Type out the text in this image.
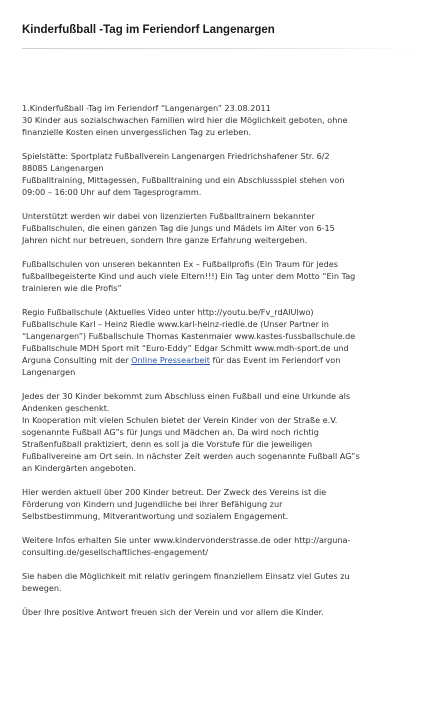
Kinderfußball -Tag im Feriendorf Langenargen

1.Kinderfußball -Tag im Feriendorf “Langenargen” 23.08.2011
30 Kinder aus sozialschwachen Familien wird hier die Möglichkeit geboten, ohne
finanzielle Kosten einen unvergesslichen Tag zu erleben.

Spielstätte: Sportplatz Fußballverein Langenargen Friedrichshafener Str. 6/2
88085 Langenargen
Fußballtraining, Mittagessen, Fußballtraining und ein Abschlussspiel stehen von
09:00 – 16:00 Uhr auf dem Tagesprogramm.

Unterstützt werden wir dabei von lizenzierten Fußballtrainern bekannter
Fußballschulen, die einen ganzen Tag die Jungs und Mädels im Alter von 6-15
Jahren nicht nur betreuen, sondern Ihre ganze Erfahrung weitergeben.

Fußballschulen von unseren bekannten Ex – Fußballprofis (Ein Traum für jedes
fußballbegeisterte Kind und auch viele Eltern!!!) Ein Tag unter dem Motto “Ein Tag
trainieren wie die Profis”

Regio Fußballschule (Aktuelles Video unter http://youtu.be/Fv_rdAIUIwo)
Fußballschule Karl – Heinz Riedle www.karl-heinz-riedle.de (Unser Partner in
“Langenargen”) Fußballschule Thomas Kastenmaier www.kastes-fussballschule.de
Fußballschule MDH Sport mit “Euro-Eddy” Edgar Schmitt www.mdh-sport.de und
Arguna Consulting mit der Online Pressearbeit für das Event im Feriendorf von
Langenargen

Jedes der 30 Kinder bekommt zum Abschluss einen Fußball und eine Urkunde als
Andenken geschenkt.
In Kooperation mit vielen Schulen bietet der Verein Kinder von der Straße e.V.
sogenannte Fußball AG”s für Jungs und Mädchen an. Da wird noch richtig
Straßenfußball praktiziert, denn es soll ja die Vorstufe für die jeweiligen
Fußballvereine am Ort sein. In nächster Zeit werden auch sogenannte Fußball AG”s
an Kindergärten angeboten.

Hier werden aktuell über 200 Kinder betreut. Der Zweck des Vereins ist die
Förderung von Kindern und Jugendliche bei ihrer Befähigung zur
Selbstbestimmung, Mitverantwortung und sozialem Engagement.

Weitere Infos erhalten Sie unter www.kindervonderstrasse.de oder http://arguna-
consulting.de/gesellschaftliches-engagement/

Sie haben die Möglichkeit mit relativ geringem finanziellem Einsatz viel Gutes zu
bewegen.

Über Ihre positive Antwort freuen sich der Verein und vor allem die Kinder.
